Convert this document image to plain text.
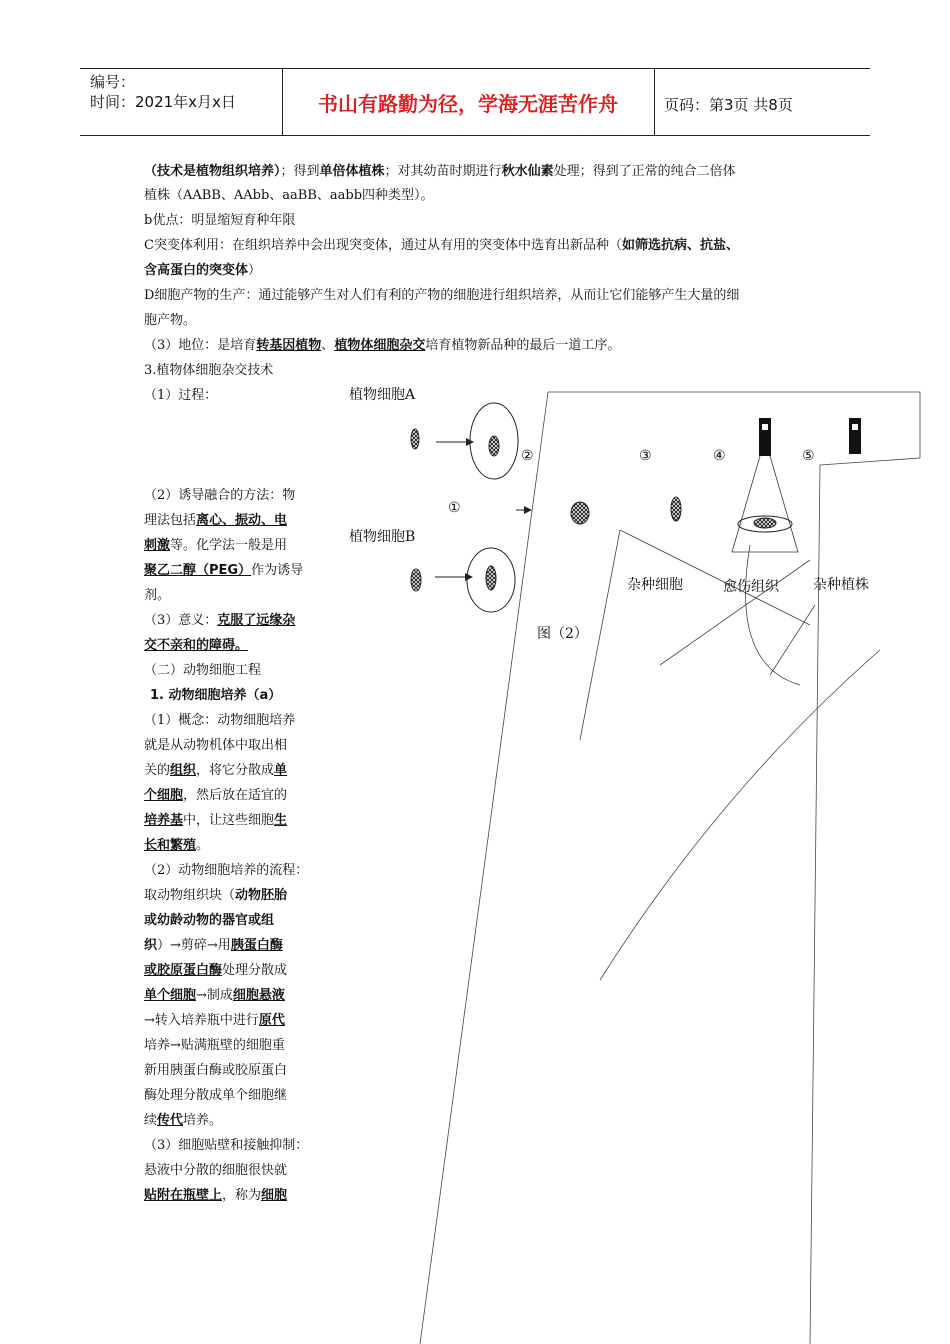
编号：
时间：2021年x月x日	书山有路勤为径，学海无涯苦作舟	页码：第3页 共8页
（技术是植物组织培养）；得到单倍体植株；对其幼苗时期进行秋水仙素处理；得到了正常的纯合二倍体
植株（AABB、AAbb、aaBB、aabb四种类型）。
b优点：明显缩短育种年限
C突变体利用：在组织培养中会出现突变体，通过从有用的突变体中选育出新品种（如筛选抗病、抗盐、
含高蛋白的突变体）
D细胞产物的生产：通过能够产生对人们有利的产物的细胞进行组织培养，从而让它们能够产生大量的细
胞产物。
（3）地位：是培育转基因植物、植物体细胞杂交培育植物新品种的最后一道工序。
3.植物体细胞杂交技术
（1）过程：
（2）诱导融合的方法：物
理法包括离心、振动、电
刺激等。化学法一般是用
聚乙二醇（PEG）作为诱导
剂。
（3）意义：克服了远缘杂
交不亲和的障碍。
（二）动物细胞工程
1. 动物细胞培养（a）
（1）概念：动物细胞培养
就是从动物机体中取出相
关的组织，将它分散成单
个细胞，然后放在适宜的
培养基中，让这些细胞生
长和繁殖。
（2）动物细胞培养的流程：
取动物组织块（动物胚胎
或幼龄动物的器官或组
织）→剪碎→用胰蛋白酶
或胶原蛋白酶处理分散成
单个细胞→制成细胞悬液
→转入培养瓶中进行原代
培养→贴满瓶壁的细胞重
新用胰蛋白酶或胶原蛋白
酶处理分散成单个细胞继
续传代培养。
（3）细胞贴壁和接触抑制：
悬液中分散的细胞很快就
贴附在瓶壁上，称为细胞
植物细胞A
植物细胞B
①
②	③	④	⑤
杂种细胞	愈伤组织 杂种植株
图（2）
